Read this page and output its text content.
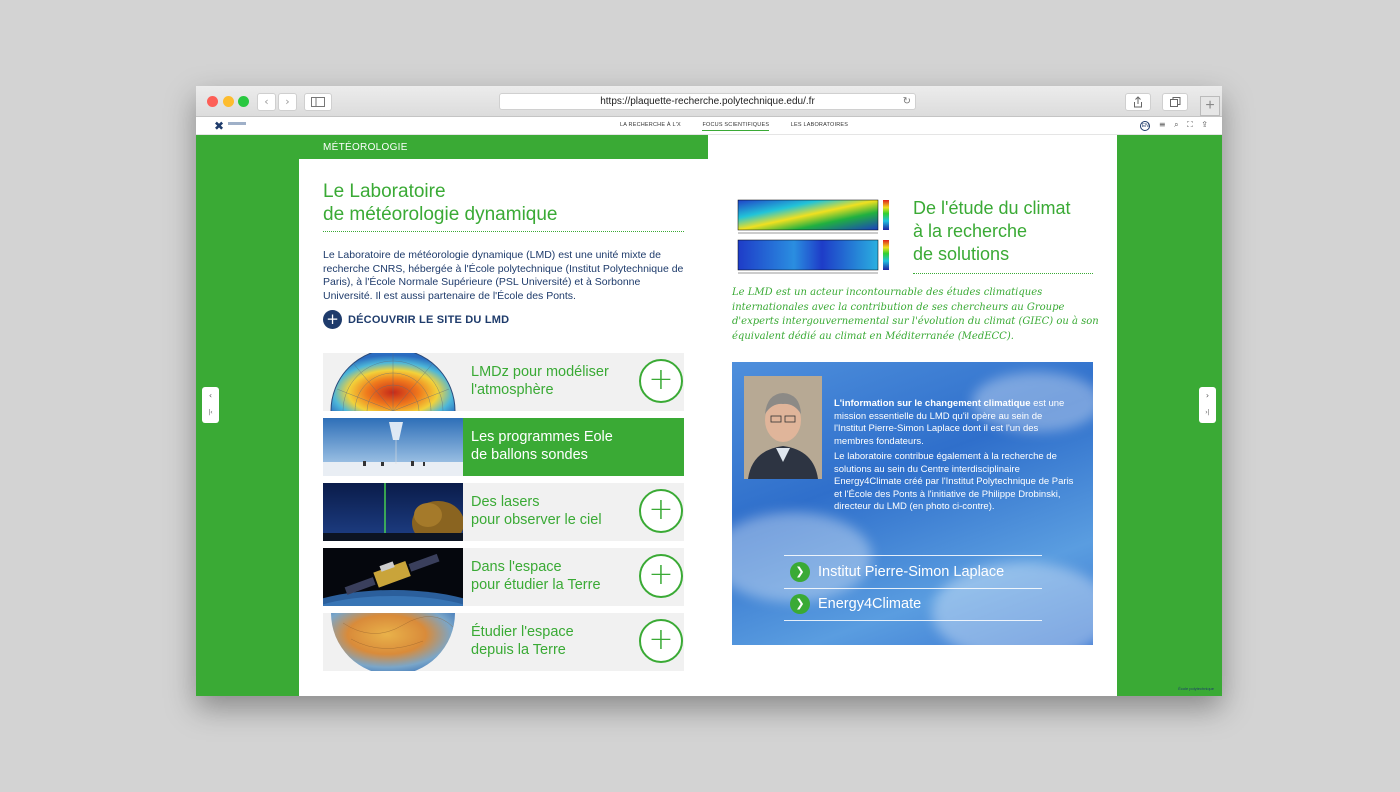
‹	›	https://plaquette-recherche.polytechnique.edu/.fr	↻	+
✖	LA RECHERCHE À L'X	FOCUS SCIENTIFIQUES	LES LABORATOIRES	EN ≡ ⌕ ⛶ ⇪
‹
|‹
›
›|
MÉTÉOROLOGIE
Le Laboratoire
de météorologie dynamique

Le Laboratoire de météorologie dynamique (LMD) est une unité mixte de recherche CNRS, hébergée à l'École polytechnique (Institut Polytechnique de Paris), à l'École Normale Supérieure (PSL Université) et à Sorbonne Université. Il est aussi partenaire de l'École des Ponts.

+ DÉCOUVRIR LE SITE DU LMD
LMDz pour modéliser
l'atmosphère	+
Les programmes Eole
de ballons sondes
Des lasers
pour observer le ciel	+
Dans l'espace
pour étudier la Terre	+
Étudier l'espace
depuis la Terre	+
De l'étude du climat
à la recherche
de solutions

Le LMD est un acteur incontournable des études climatiques internationales avec la contribution de ses chercheurs au Groupe d'experts intergouvernemental sur l'évolution du climat (GIEC) ou à son équivalent dédié au climat en Méditerranée (MedECC).

L'information sur le changement climatique est une mission essentielle du LMD qu'il opère au sein de l'Institut Pierre-Simon Laplace dont il est l'un des membres fondateurs.

Le laboratoire contribue également à la recherche de solutions au sein du Centre interdisciplinaire Energy4Climate créé par l'Institut Polytechnique de Paris et l'École des Ponts à l'initiative de Philippe Drobinski, directeur du LMD (en photo ci-contre).

❯ Institut Pierre-Simon Laplace
❯ Energy4Climate
École polytechnique
